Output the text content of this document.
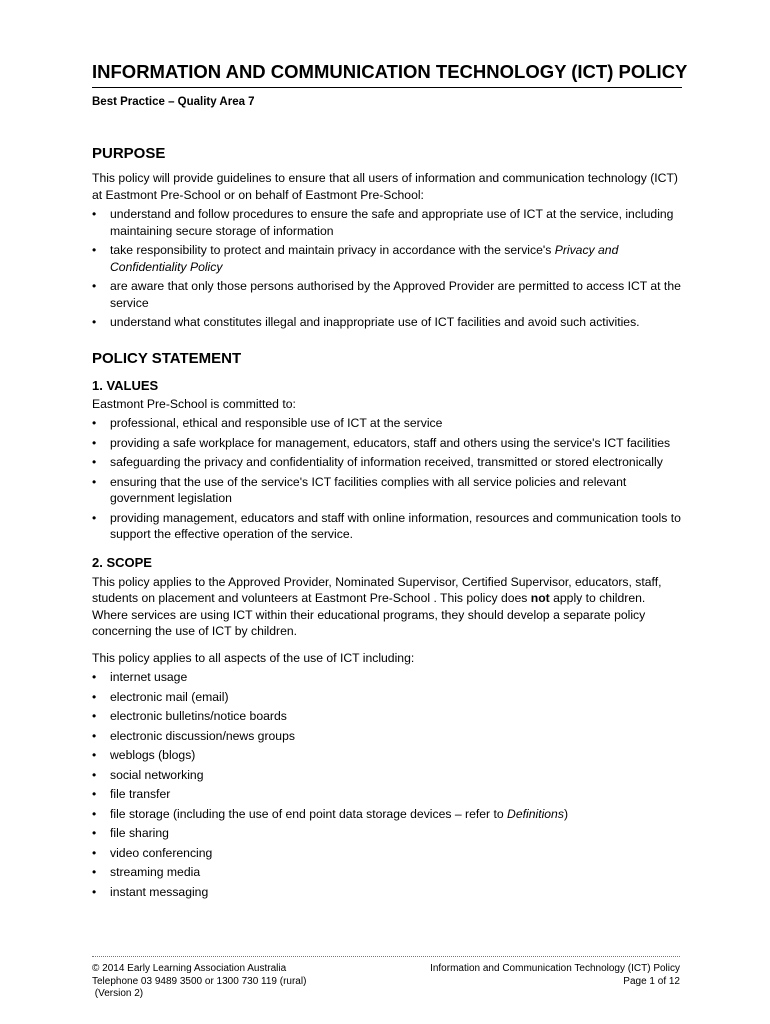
INFORMATION AND COMMUNICATION TECHNOLOGY (ICT) POLICY
Best Practice – Quality Area 7
PURPOSE

This policy will provide guidelines to ensure that all users of information and communication technology (ICT) at Eastmont Pre-School or on behalf of Eastmont Pre-School:

• understand and follow procedures to ensure the safe and appropriate use of ICT at the service, including maintaining secure storage of information
• take responsibility to protect and maintain privacy in accordance with the service's Privacy and Confidentiality Policy
• are aware that only those persons authorised by the Approved Provider are permitted to access ICT at the service
• understand what constitutes illegal and inappropriate use of ICT facilities and avoid such activities.
POLICY STATEMENT
1. VALUES

Eastmont Pre-School is committed to:

• professional, ethical and responsible use of ICT at the service
• providing a safe workplace for management, educators, staff and others using the service's ICT facilities
• safeguarding the privacy and confidentiality of information received, transmitted or stored electronically
• ensuring that the use of the service's ICT facilities complies with all service policies and relevant government legislation
• providing management, educators and staff with online information, resources and communication tools to support the effective operation of the service.
2. SCOPE

This policy applies to the Approved Provider, Nominated Supervisor, Certified Supervisor, educators, staff, students on placement and volunteers at Eastmont Pre-School . This policy does not apply to children. Where services are using ICT within their educational programs, they should develop a separate policy concerning the use of ICT by children.

This policy applies to all aspects of the use of ICT including:

• internet usage
• electronic mail (email)
• electronic bulletins/notice boards
• electronic discussion/news groups
• weblogs (blogs)
• social networking
• file transfer
• file storage (including the use of end point data storage devices – refer to Definitions)
• file sharing
• video conferencing
• streaming media
• instant messaging
© 2014 Early Learning Association Australia
Telephone 03 9489 3500 or 1300 730 119 (rural)
(Version 2)
Information and Communication Technology (ICT) Policy
Page 1 of 12
